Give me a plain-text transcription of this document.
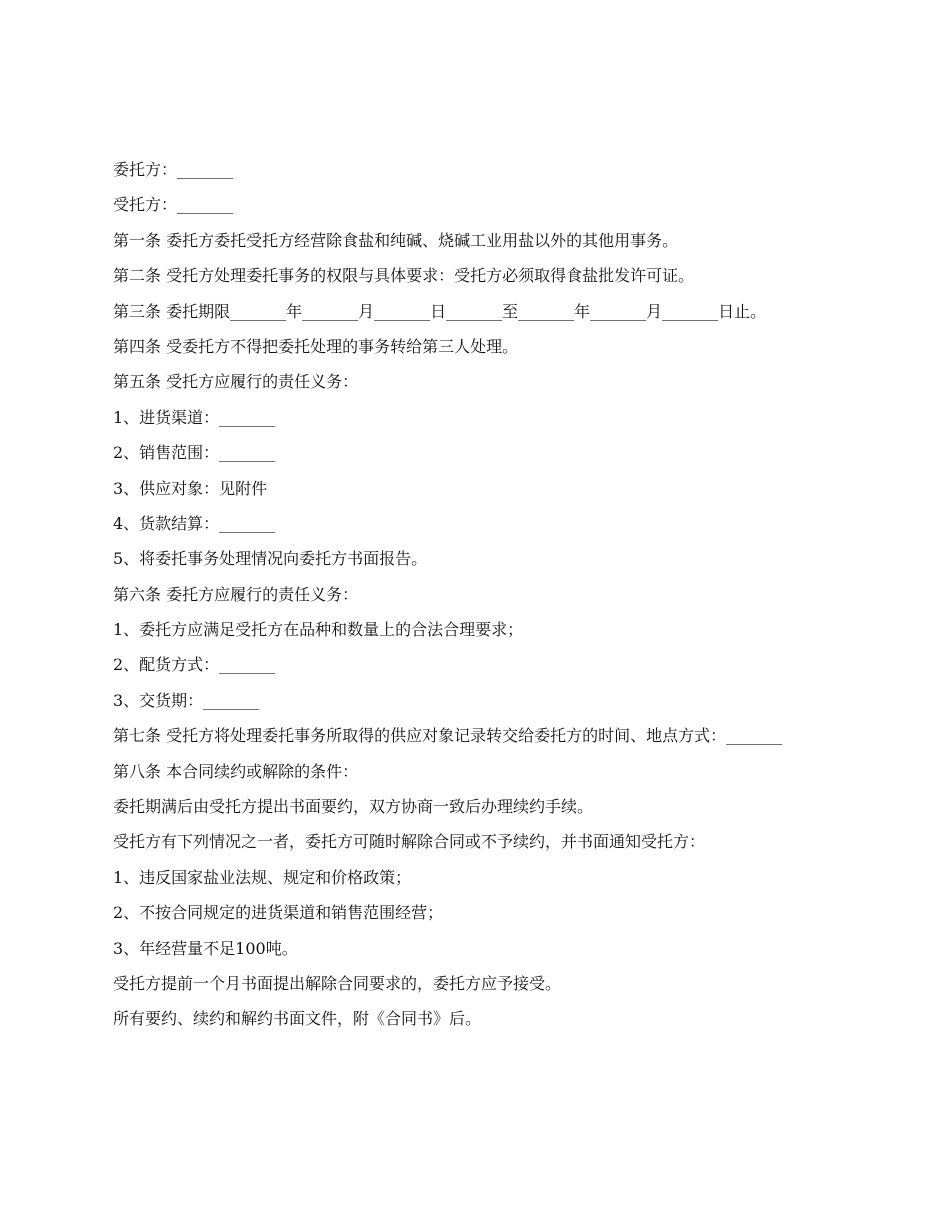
委托方：_______

受托方：_______

第一条 委托方委托受托方经营除食盐和纯碱、烧碱工业用盐以外的其他用事务。

第二条 受托方处理委托事务的权限与具体要求：受托方必须取得食盐批发许可证。

第三条 委托期限_______年_______月_______日_______至_______年_______月_______日止。

第四条 受委托方不得把委托处理的事务转给第三人处理。

第五条 受托方应履行的责任义务：

1、进货渠道：_______

2、销售范围：_______

3、供应对象：见附件

4、货款结算：_______

5、将委托事务处理情况向委托方书面报告。

第六条 委托方应履行的责任义务：

1、委托方应满足受托方在品种和数量上的合法合理要求；

2、配货方式：_______

3、交货期：_______

第七条 受托方将处理委托事务所取得的供应对象记录转交给委托方的时间、地点方式：_______

第八条 本合同续约或解除的条件：

委托期满后由受托方提出书面要约，双方协商一致后办理续约手续。

受托方有下列情况之一者，委托方可随时解除合同或不予续约，并书面通知受托方：

1、违反国家盐业法规、规定和价格政策；

2、不按合同规定的进货渠道和销售范围经营；

3、年经营量不足100吨。

受托方提前一个月书面提出解除合同要求的，委托方应予接受。

所有要约、续约和解约书面文件，附《合同书》后。
